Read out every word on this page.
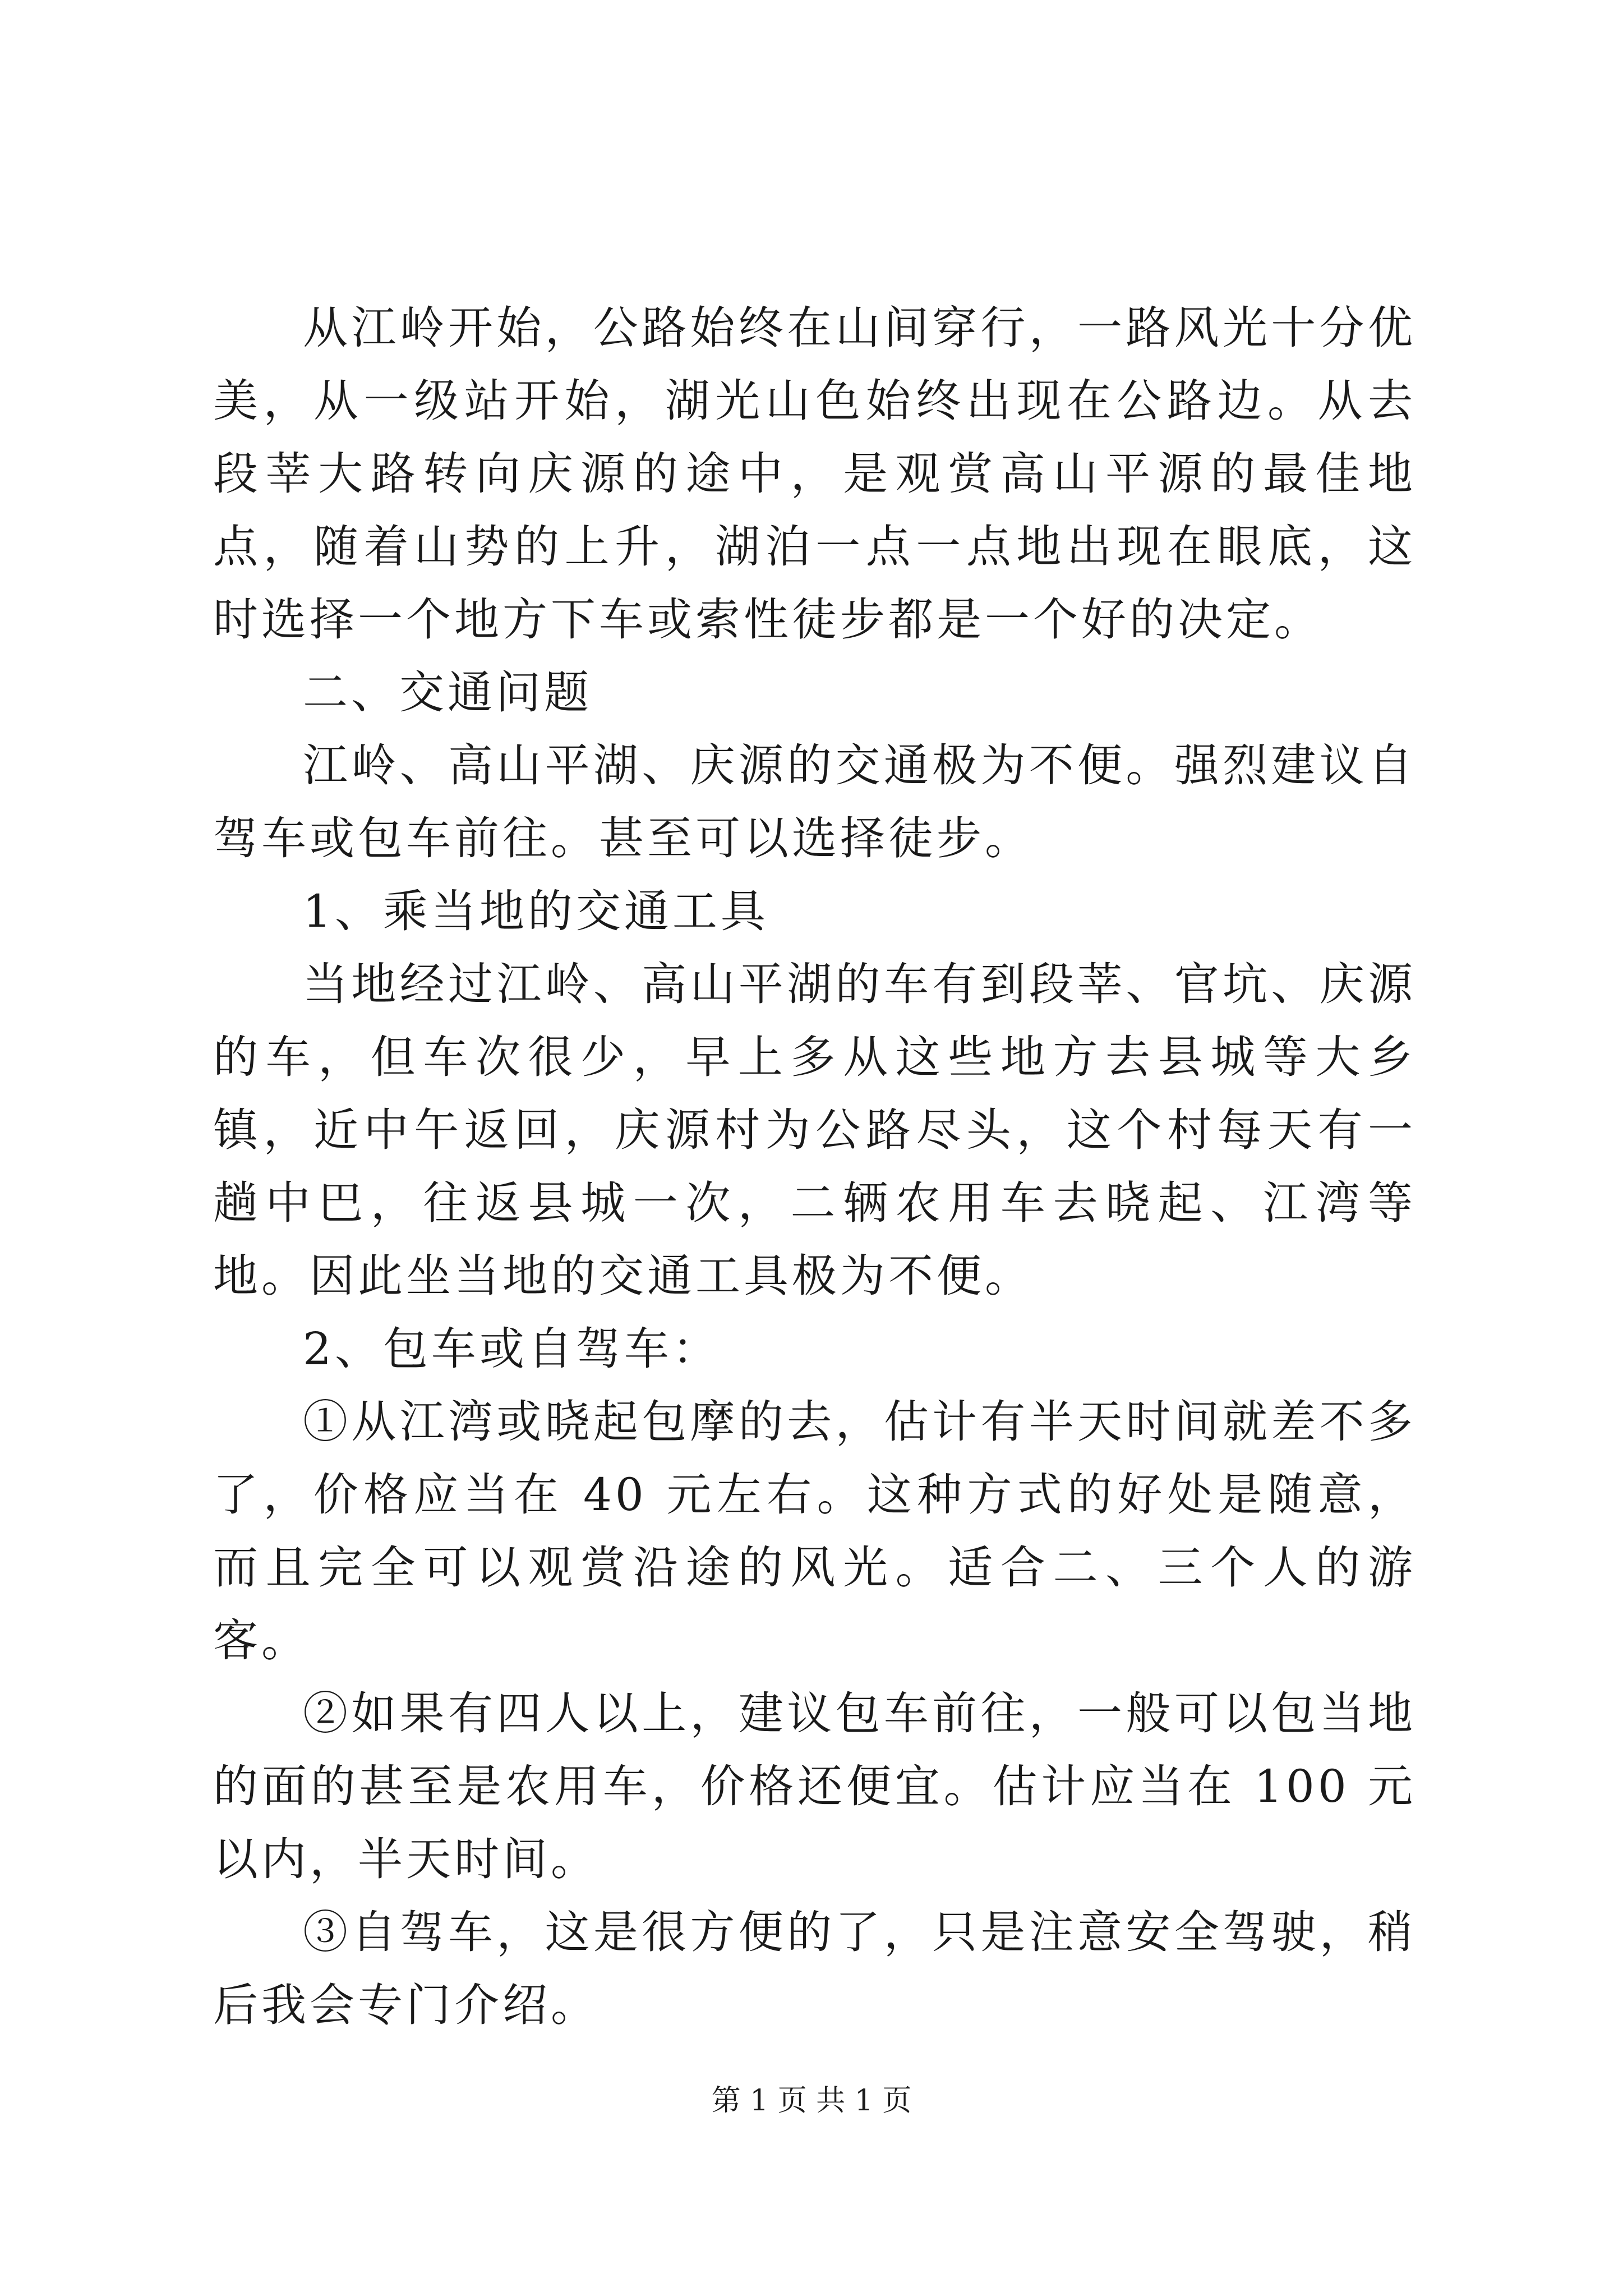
从江岭开始，公路始终在山间穿行，一路风光十分优美，从一级站开始，湖光山色始终出现在公路边。从去段莘大路转向庆源的途中，是观赏高山平源的最佳地点，随着山势的上升，湖泊一点一点地出现在眼底，这时选择一个地方下车或索性徒步都是一个好的决定。

二、交通问题

江岭、高山平湖、庆源的交通极为不便。强烈建议自驾车或包车前往。甚至可以选择徒步。

1、乘当地的交通工具

当地经过江岭、高山平湖的车有到段莘、官坑、庆源的车，但车次很少，早上多从这些地方去县城等大乡镇，近中午返回，庆源村为公路尽头，这个村每天有一趟中巴，往返县城一次，二辆农用车去晓起、江湾等地。因此坐当地的交通工具极为不便。

2、包车或自驾车：

①从江湾或晓起包摩的去，估计有半天时间就差不多了，价格应当在 40 元左右。这种方式的好处是随意，而且完全可以观赏沿途的风光。适合二、三个人的游客。

②如果有四人以上，建议包车前往，一般可以包当地的面的甚至是农用车，价格还便宜。估计应当在 100 元以内，半天时间。

③自驾车，这是很方便的了，只是注意安全驾驶，稍后我会专门介绍。

第 1 页 共 1 页
